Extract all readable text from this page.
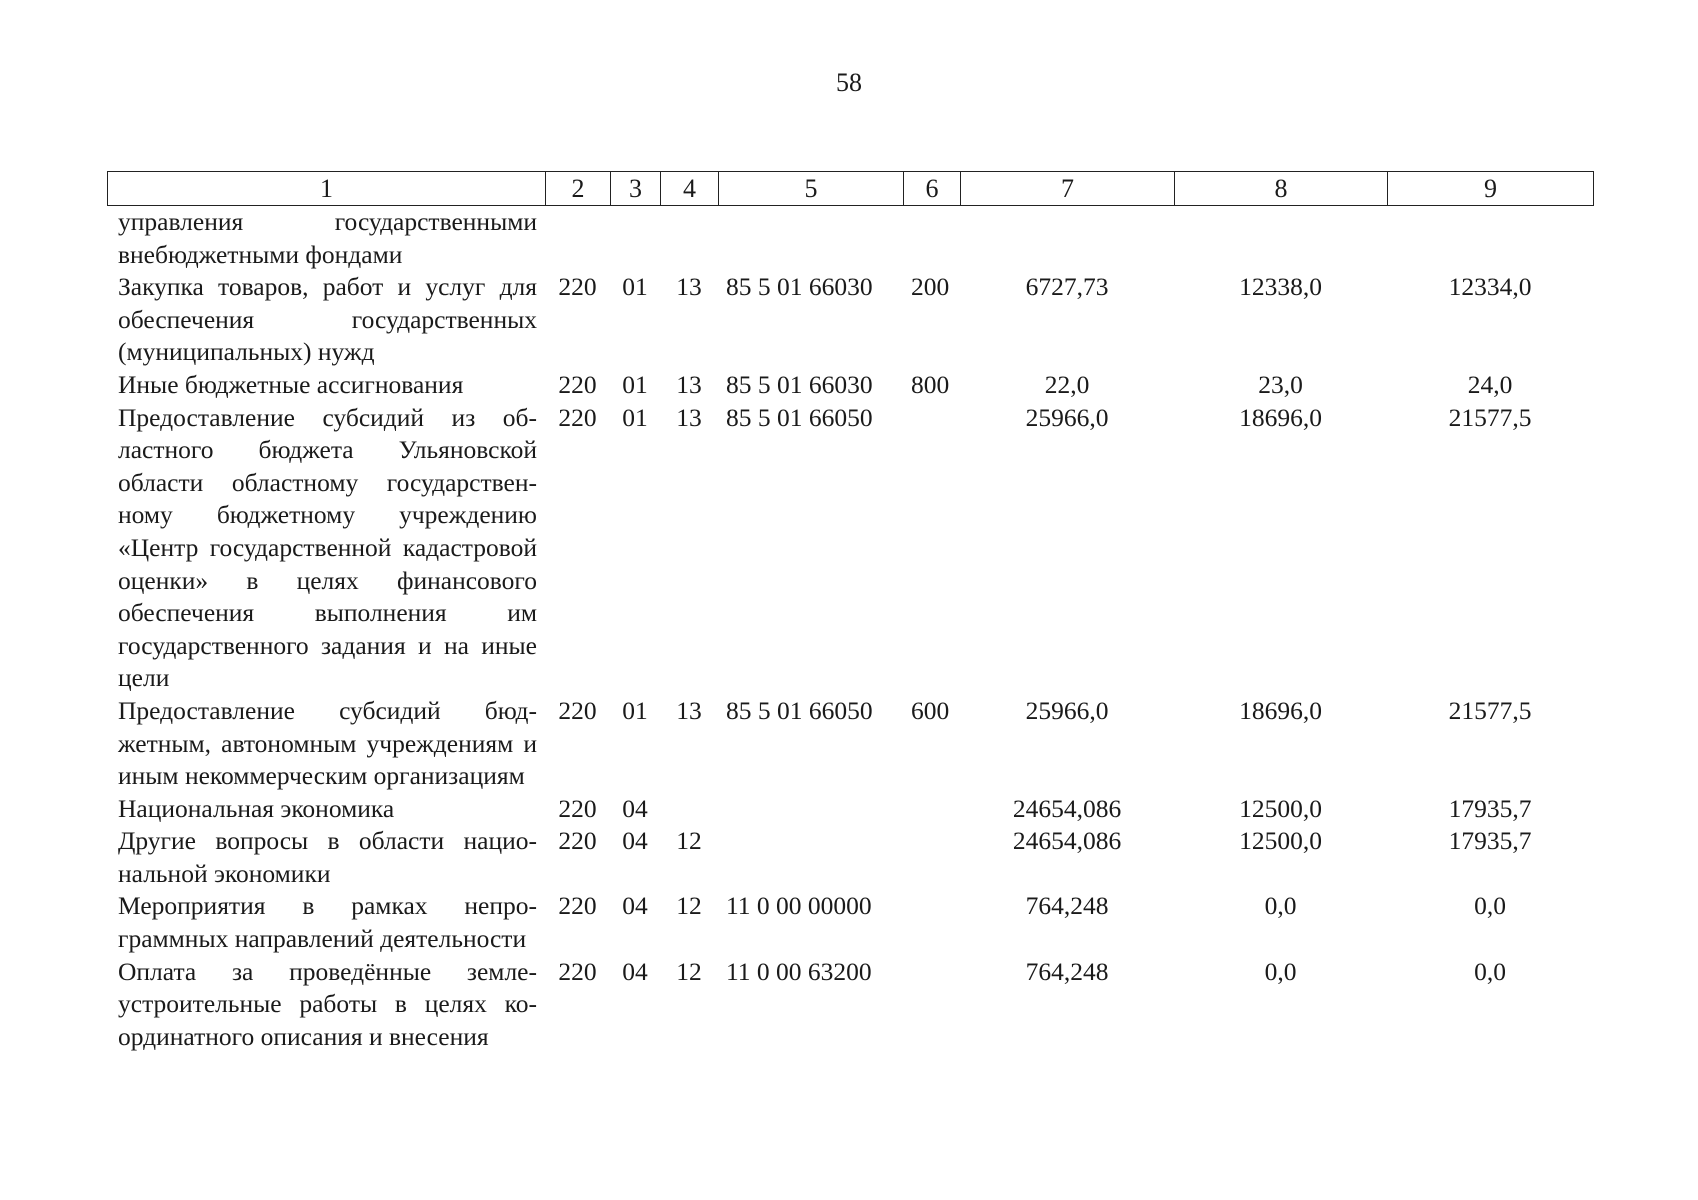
58
1	2	3	4	5	6	7	8	9
управления государственными внебюджетными фондами								
Закупка товаров, работ и услуг для обеспечения государственных (муниципальных) нужд	220	01	13	85 5 01 66030	200	6727,73	12338,0	12334,0
Иные бюджетные ассигнования	220	01	13	85 5 01 66030	800	22,0	23,0	24,0
Предоставление субсидий из областного бюджета Ульяновской области областному государственному бюджетному учреждению «Центр государственной кадастровой оценки» в целях финансового обеспечения выполнения им государственного задания и на иные цели	220	01	13	85 5 01 66050		25966,0	18696,0	21577,5
Предоставление субсидий бюджетным, автономным учреждениям и иным некоммерческим организациям	220	01	13	85 5 01 66050	600	25966,0	18696,0	21577,5
Национальная экономика	220	04				24654,086	12500,0	17935,7
Другие вопросы в области национальной экономики	220	04	12			24654,086	12500,0	17935,7
Мероприятия в рамках непрограммных направлений деятельности	220	04	12	11 0 00 00000		764,248	0,0	0,0
Оплата за проведённые землеустроительные работы в целях координатного описания и внесения	220	04	12	11 0 00 63200		764,248	0,0	0,0
